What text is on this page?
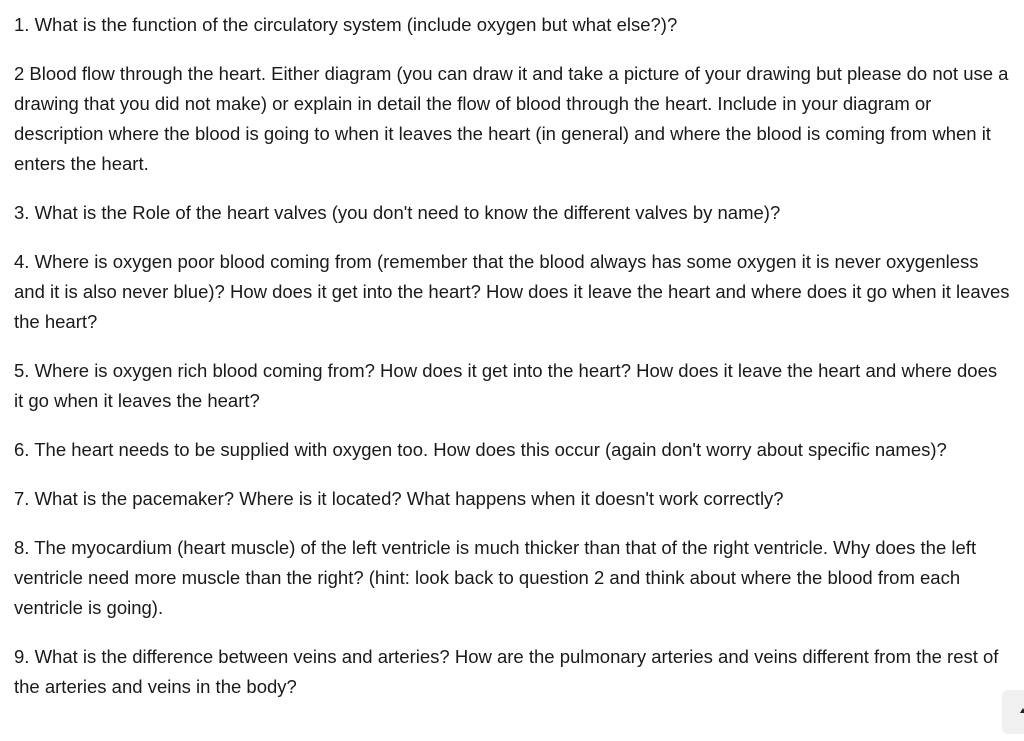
1. What is the function of the circulatory system (include oxygen but what else?)?

2 Blood flow through the heart. Either diagram (you can draw it and take a picture of your drawing but please do not use a drawing that you did not make) or explain in detail the flow of blood through the heart. Include in your diagram or description where the blood is going to when it leaves the heart (in general) and where the blood is coming from when it enters the heart.

3. What is the Role of the heart valves (you don't need to know the different valves by name)?

4. Where is oxygen poor blood coming from (remember that the blood always has some oxygen it is never oxygenless and it is also never blue)? How does it get into the heart? How does it leave the heart and where does it go when it leaves the heart?

5. Where is oxygen rich blood coming from? How does it get into the heart? How does it leave the heart and where does it go when it leaves the heart?

6. The heart needs to be supplied with oxygen too. How does this occur (again don't worry about specific names)?

7. What is the pacemaker? Where is it located? What happens when it doesn't work correctly?

8. The myocardium (heart muscle) of the left ventricle is much thicker than that of the right ventricle. Why does the left ventricle need more muscle than the right? (hint: look back to question 2 and think about where the blood from each ventricle is going).

9. What is the difference between veins and arteries? How are the pulmonary arteries and veins different from the rest of the arteries and veins in the body?
